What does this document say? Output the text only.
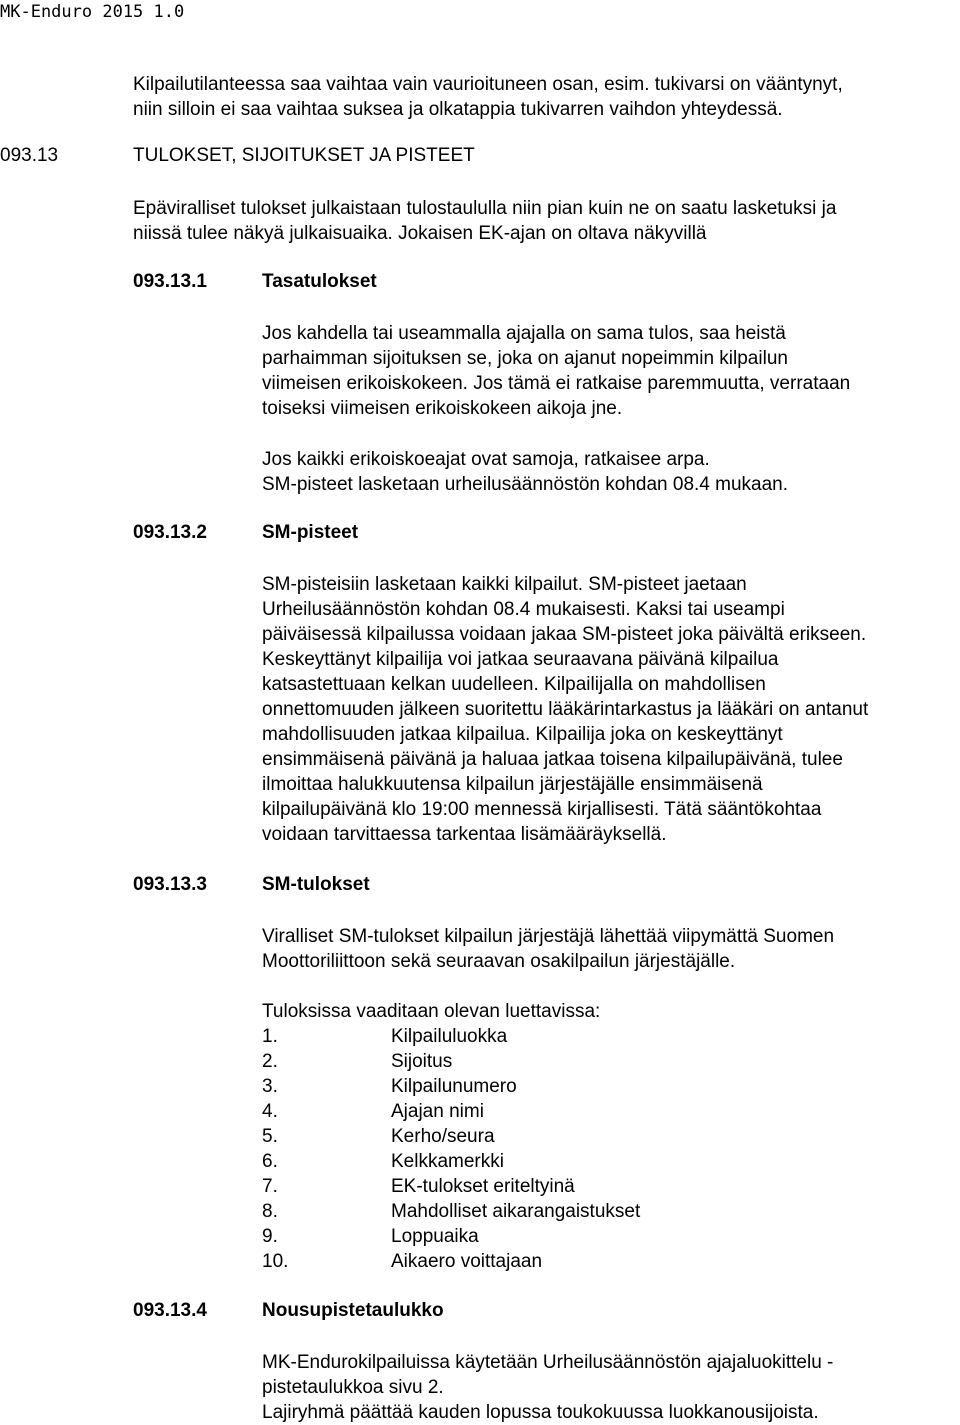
MK-Enduro 2015 1.0
Kilpailutilanteessa saa vaihtaa vain vaurioituneen osan, esim. tukivarsi on vääntynyt,
niin silloin ei saa vaihtaa suksea ja olkatappia tukivarren vaihdon yhteydessä.
093.13	TULOKSET, SIJOITUKSET JA PISTEET
Epäviralliset tulokset julkaistaan tulostaululla niin pian kuin ne on saatu lasketuksi ja
niissä tulee näkyä julkaisuaika. Jokaisen EK-ajan on oltava näkyvillä
093.13.1	Tasatulokset
Jos kahdella tai useammalla ajajalla on sama tulos, saa heistä
parhaimman sijoituksen se, joka on ajanut nopeimmin kilpailun
viimeisen erikoiskokeen. Jos tämä ei ratkaise paremmuutta, verrataan
toiseksi viimeisen erikoiskokeen aikoja jne.
Jos kaikki erikoiskoeajat ovat samoja, ratkaisee arpa.
SM-pisteet lasketaan urheilusäännöstön kohdan 08.4 mukaan.
093.13.2	SM-pisteet
SM-pisteisiin lasketaan kaikki kilpailut. SM-pisteet jaetaan
Urheilusäännöstön kohdan 08.4 mukaisesti. Kaksi tai useampi
päiväisessä kilpailussa voidaan jakaa SM-pisteet joka päivältä erikseen.
Keskeyttänyt kilpailija voi jatkaa seuraavana päivänä kilpailua
katsastettuaan kelkan uudelleen. Kilpailijalla on mahdollisen
onnettomuuden jälkeen suoritettu lääkärintarkastus ja lääkäri on antanut
mahdollisuuden jatkaa kilpailua. Kilpailija joka on keskeyttänyt
ensimmäisenä päivänä ja haluaa jatkaa toisena kilpailupäivänä, tulee
ilmoittaa halukkuutensa kilpailun järjestäjälle ensimmäisenä
kilpailupäivänä klo 19:00 mennessä kirjallisesti. Tätä sääntökohtaa
voidaan tarvittaessa tarkentaa lisämääräyksellä.
093.13.3	SM-tulokset
Viralliset SM-tulokset kilpailun järjestäjä lähettää viipymättä Suomen
Moottoriliittoon sekä seuraavan osakilpailun järjestäjälle.
Tuloksissa vaaditaan olevan luettavissa:
1.	Kilpailuluokka
2.	Sijoitus
3.	Kilpailunumero
4.	Ajajan nimi
5.	Kerho/seura
6.	Kelkkamerkki
7.	EK-tulokset eriteltyinä
8.	Mahdolliset aikarangaistukset
9.	Loppuaika
10.	Aikaero voittajaan
093.13.4	Nousupistetaulukko
MK-Endurokilpailuissa käytetään Urheilusäännöstön ajajaluokittelu -
pistetaulukkoa sivu 2.
Lajiryhmä päättää kauden lopussa toukokuussa luokkanousijoista.
